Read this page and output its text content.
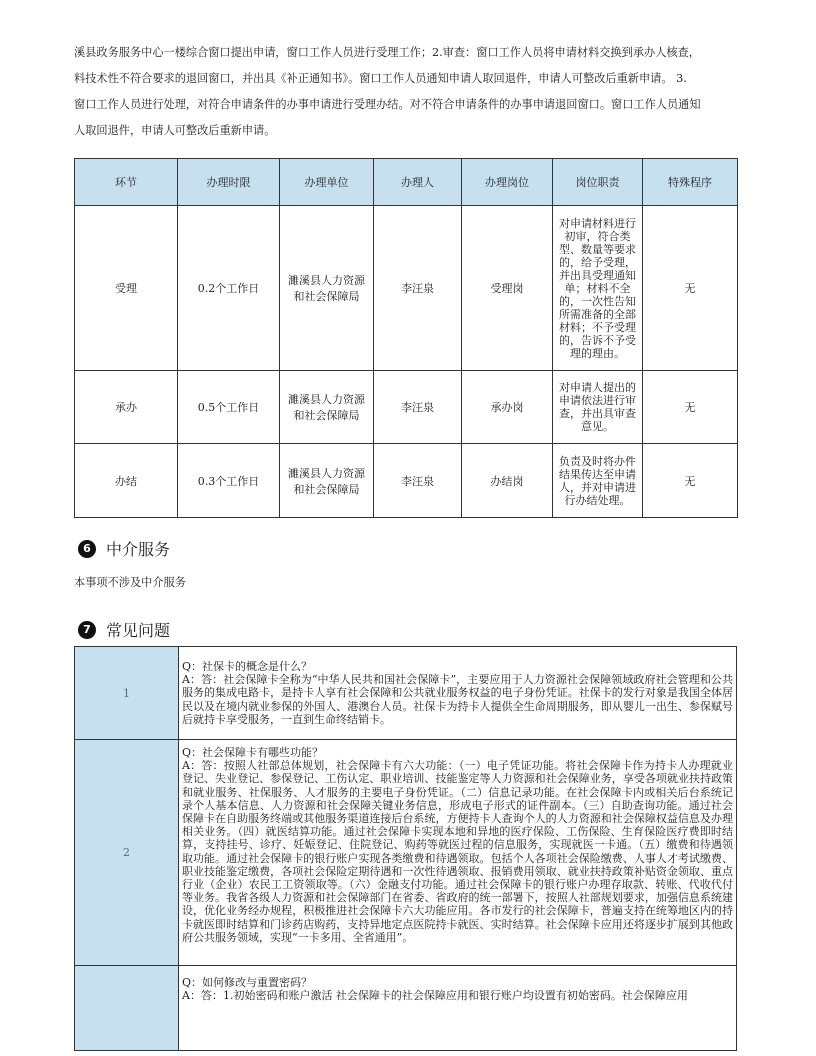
溪县政务服务中心一楼综合窗口提出申请，窗口工作人员进行受理工作；2.审查：窗口工作人员将申请材料交换到承办人核查，
料技术性不符合要求的退回窗口，并出具《补正通知书》。窗口工作人员通知申请人取回退件，申请人可整改后重新申请。 3.
窗口工作人员进行处理，对符合申请条件的办事申请进行受理办结。对不符合申请条件的办事申请退回窗口。窗口工作人员通知
人取回退件，申请人可整改后重新申请。
环节	办理时限	办理单位	办理人	办理岗位	岗位职责	特殊程序
受理	0.2个工作日	濉溪县人力资源和社会保障局	李汪泉	受理岗	对申请材料进行初审，符合类型、数量等要求的，给予受理，并出具受理通知单；材料不全的，一次性告知所需准备的全部材料；不予受理的，告诉不予受理的理由。	无
承办	0.5个工作日	濉溪县人力资源和社会保障局	李汪泉	承办岗	对申请人提出的申请依法进行审查，并出具审查意见。	无
办结	0.3个工作日	濉溪县人力资源和社会保障局	李汪泉	办结岗	负责及时将办件结果传达至申请人，并对申请进行办结处理。	无
6 中介服务
本事项不涉及中介服务
7 常见问题
1	Q：社保卡的概念是什么？
A：答：社会保障卡全称为“中华人民共和国社会保障卡”，主要应用于人力资源社会保障领域政府社会管理和公共服务的集成电路卡，是持卡人享有社会保障和公共就业服务权益的电子身份凭证。社保卡的发行对象是我国全体居民以及在境内就业参保的外国人、港澳台人员。社保卡为持卡人提供全生命周期服务，即从婴儿一出生、参保赋号后就持卡享受服务，一直到生命终结销卡。

2	Q：社会保障卡有哪些功能？
A：答：按照人社部总体规划，社会保障卡有六大功能：（一）电子凭证功能。将社会保障卡作为持卡人办理就业登记、失业登记、参保登记、工伤认定、职业培训、技能鉴定等人力资源和社会保障业务，享受各项就业扶持政策和就业服务、社保服务、人才服务的主要电子身份凭证。（二）信息记录功能。在社会保障卡内或相关后台系统记录个人基本信息、人力资源和社会保障关键业务信息，形成电子形式的证件副本。（三）自助查询功能。通过社会保障卡在自助服务终端或其他服务渠道连接后台系统，方便持卡人查询个人的人力资源和社会保障权益信息及办理相关业务。（四）就医结算功能。通过社会保障卡实现本地和异地的医疗保险、工伤保险、生育保险医疗费即时结算，支持挂号、诊疗、妊娠登记、住院登记、购药等就医过程的信息服务，实现就医一卡通。（五）缴费和待遇领取功能。通过社会保障卡的银行账户实现各类缴费和待遇领取。包括个人各项社会保险缴费、人事人才考试缴费、职业技能鉴定缴费，各项社会保险定期待遇和一次性待遇领取、报销费用领取、就业扶持政策补贴资金领取、重点行业（企业）农民工工资领取等。（六）金融支付功能。通过社会保障卡的银行账户办理存取款、转账、代收代付等业务。我省各级人力资源和社会保障部门在省委、省政府的统一部署下，按照人社部规划要求，加强信息系统建设，优化业务经办规程，积极推进社会保障卡六大功能应用。各市发行的社会保障卡，普遍支持在统筹地区内的持卡就医即时结算和门诊药店购药，支持异地定点医院持卡就医、实时结算。社会保障卡应用还将逐步扩展到其他政府公共服务领域，实现“一卡多用、全省通用”。

	Q：如何修改与重置密码？
A：答：1.初始密码和账户激活 社会保障卡的社会保障应用和银行账户均设置有初始密码。社会保障应用
